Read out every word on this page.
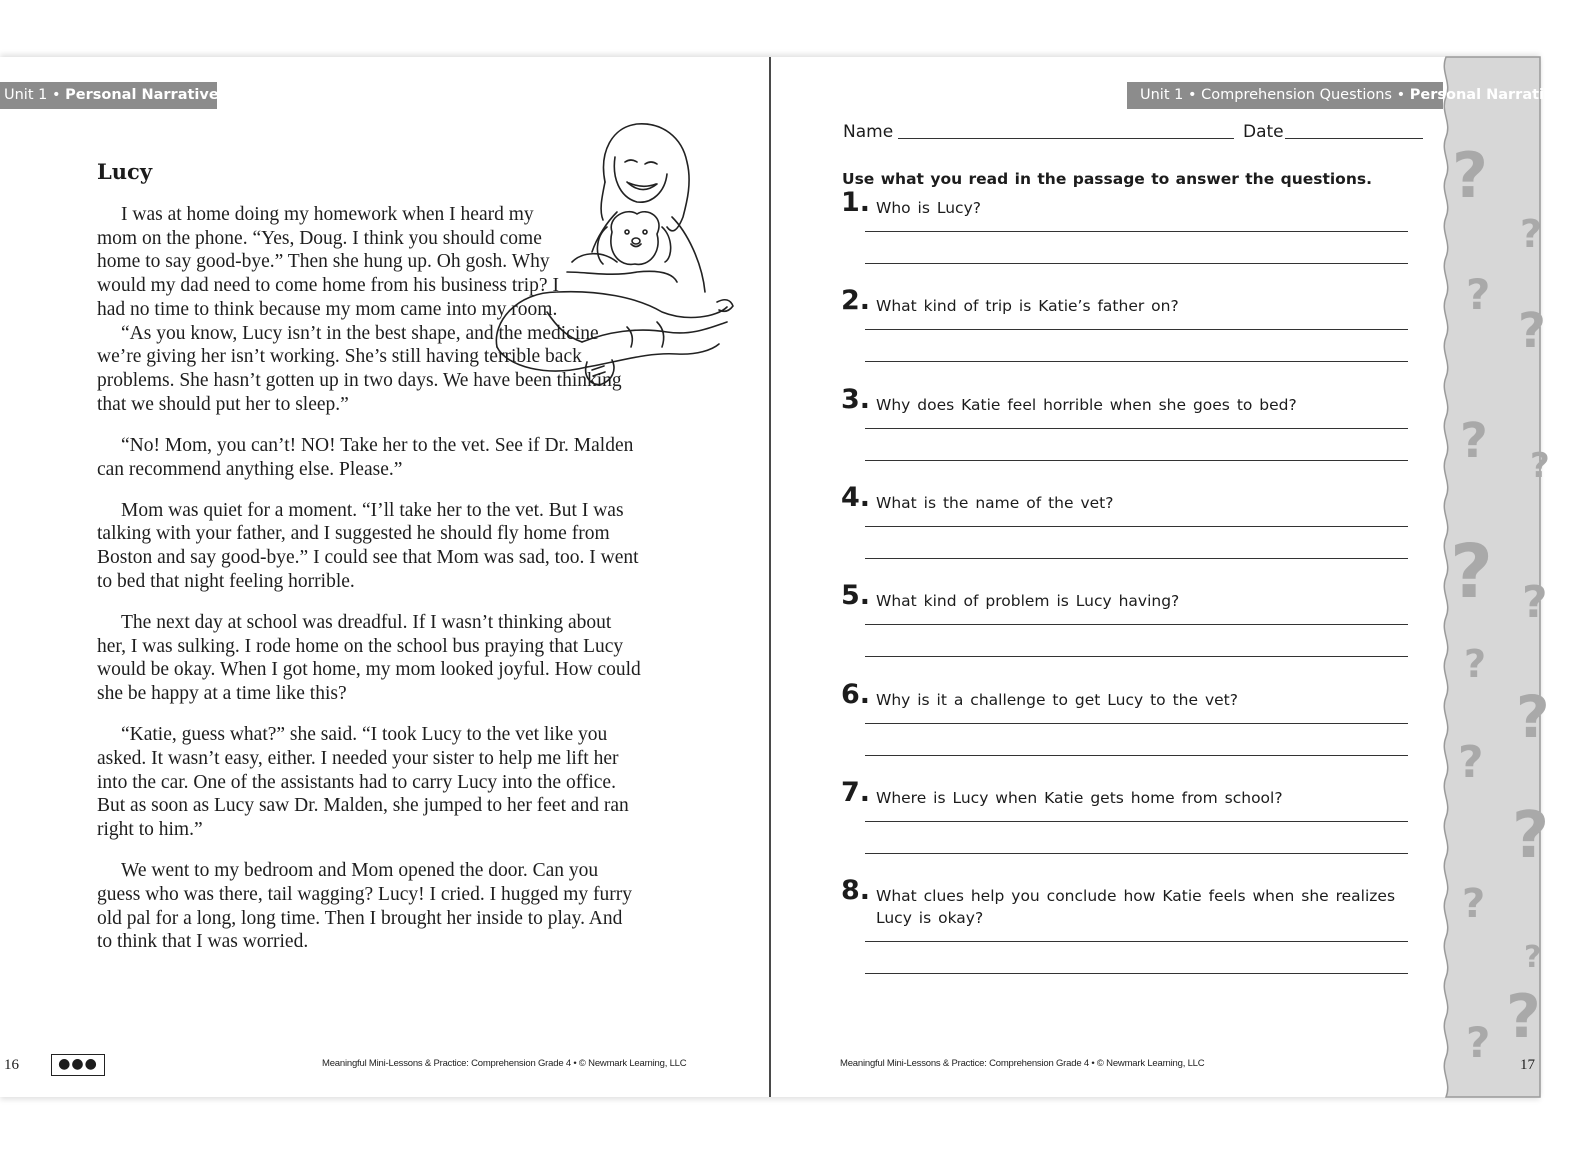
Unit 1 • Personal Narratives II
Lucy

I was at home doing my homework when I heard my mom on the phone. “Yes, Doug. I think you should come home to say good-bye.” Then she hung up. Oh gosh. Why would my dad need to come home from his business trip? I had no time to think because my mom came into my room.

“As you know, Lucy isn’t in the best shape, and the medicine we’re giving her isn’t working. She’s still having terrible back problems. She hasn’t gotten up in two days. We have been thinking that we should put her to sleep.”

“No! Mom, you can’t! NO! Take her to the vet. See if Dr. Malden can recommend anything else. Please.”

Mom was quiet for a moment. “I’ll take her to the vet. But I was talking with your father, and I suggested he should fly home from Boston and say good-bye.” I could see that Mom was sad, too. I went to bed that night feeling horrible.

The next day at school was dreadful. If I wasn’t thinking about her, I was sulking. I rode home on the school bus praying that Lucy would be okay. When I got home, my mom looked joyful. How could she be happy at a time like this?

“Katie, guess what?” she said. “I took Lucy to the vet like you asked. It wasn’t easy, either. I needed your sister to help me lift her into the car. One of the assistants had to carry Lucy into the office. But as soon as Lucy saw Dr. Malden, she jumped to her feet and ran right to him.”

We went to my bedroom and Mom opened the door. Can you guess who was there, tail wagging? Lucy! I cried. I hugged my furry old pal for a long, long time. Then I brought her inside to play. And to think that I was worried.

16	●●●	Meaningful Mini-Lessons & Practice: Comprehension Grade 4 • © Newmark Learning, LLC
?
?
?
?
? ?
? ?
?
?
?
?
?
?
?
?
Unit 1 • Comprehension Questions • Personal Narratives II
Name	Date
Use what you read in the passage to answer the questions.
1. Who is Lucy?
2. What kind of trip is Katie’s father on?
3. Why does Katie feel horrible when she goes to bed?
4. What is the name of the vet?
5. What kind of problem is Lucy having?
6. Why is it a challenge to get Lucy to the vet?
7. Where is Lucy when Katie gets home from school?
8. What clues help you conclude how Katie feels when she realizes Lucy is okay?
Meaningful Mini-Lessons & Practice: Comprehension Grade 4 • © Newmark Learning, LLC	17
